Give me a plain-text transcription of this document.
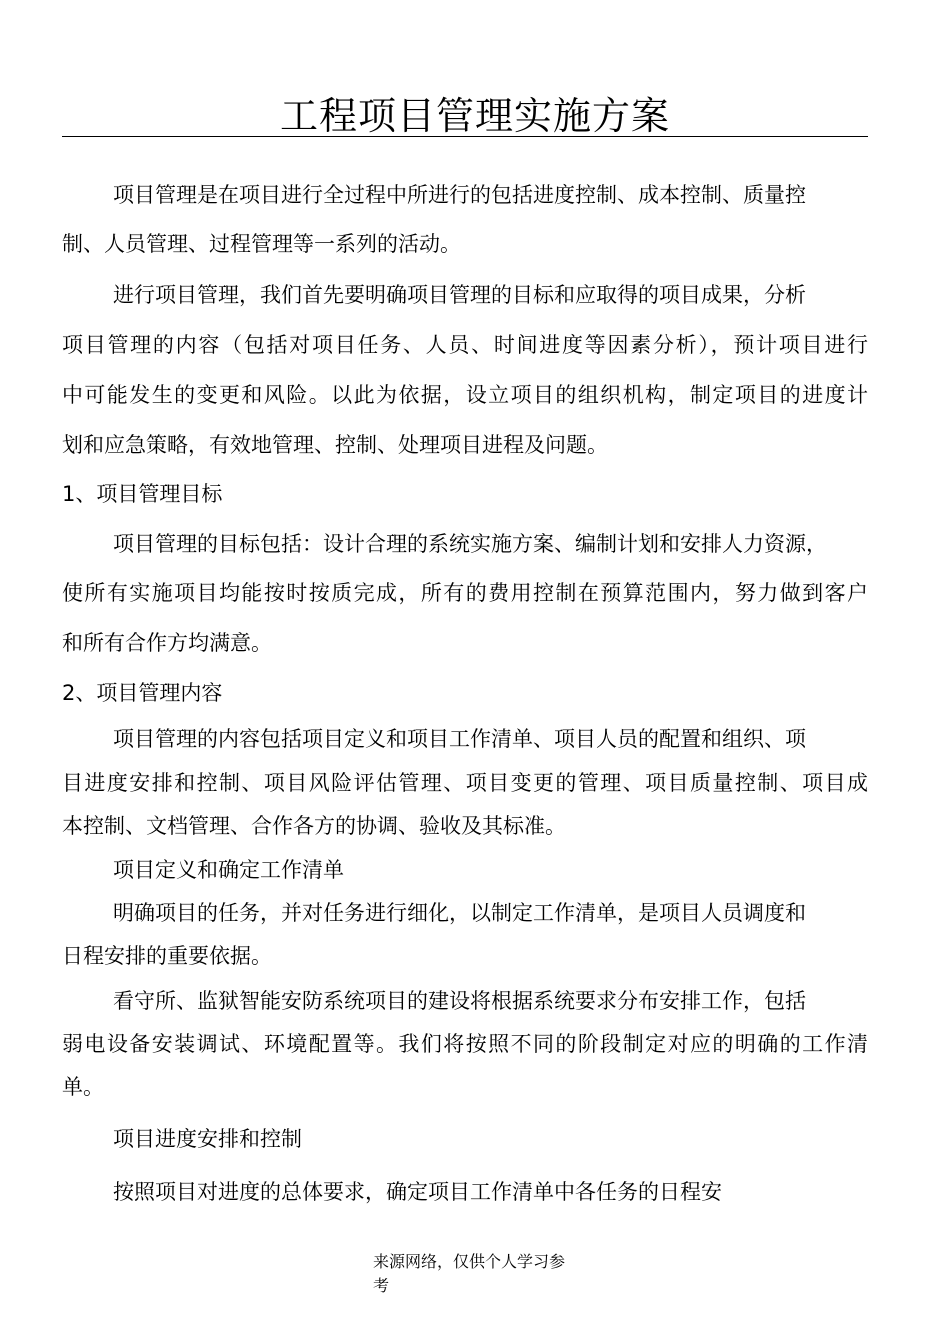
工程项目管理实施方案
项目管理是在项目进行全过程中所进行的包括进度控制、成本控制、质量控
制、人员管理、过程管理等一系列的活动。
进行项目管理，我们首先要明确项目管理的目标和应取得的项目成果，分析
项目管理的内容（包括对项目任务、人员、时间进度等因素分析），预计项目进行
中可能发生的变更和风险。以此为依据，设立项目的组织机构，制定项目的进度计
划和应急策略，有效地管理、控制、处理项目进程及问题。
1、项目管理目标
项目管理的目标包括：设计合理的系统实施方案、编制计划和安排人力资源，
使所有实施项目均能按时按质完成，所有的费用控制在预算范围内，努力做到客户
和所有合作方均满意。
2、项目管理内容
项目管理的内容包括项目定义和项目工作清单、项目人员的配置和组织、项
目进度安排和控制、项目风险评估管理、项目变更的管理、项目质量控制、项目成
本控制、文档管理、合作各方的协调、验收及其标准。
项目定义和确定工作清单
明确项目的任务，并对任务进行细化，以制定工作清单，是项目人员调度和
日程安排的重要依据。
看守所、监狱智能安防系统项目的建设将根据系统要求分布安排工作，包括
弱电设备安装调试、环境配置等。我们将按照不同的阶段制定对应的明确的工作清
单。
项目进度安排和控制
按照项目对进度的总体要求，确定项目工作清单中各任务的日程安
来源网络，仅供个人学习参
考
